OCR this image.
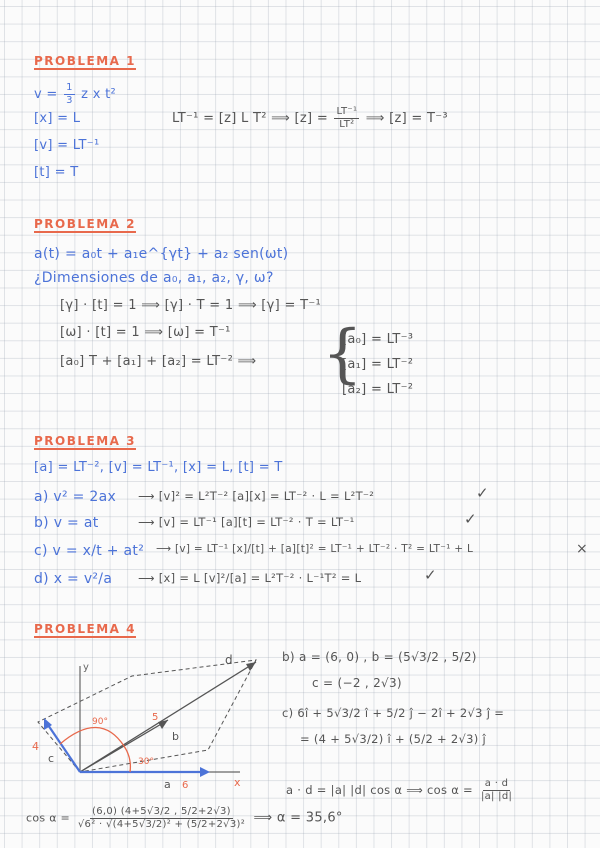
PROBLEMA 1
$v = \frac{1}{3}$ z x t²
[x] = L
[v] = LT⁻¹
[t] = T
LT⁻¹ = [z] L T² ⟹ $[z] = \frac{\text{LT⁻¹}}{\text{LT²}}$ ⟹ [z] = T⁻³
PROBLEMA 2
a(t) = a₀t + a₁e^{γt} + a₂ sen(ωt)
¿Dimensiones de a₀, a₁, a₂, γ, ω?
[γ] · [t] = 1 ⟹ [γ] · T = 1 ⟹ [γ] = T⁻¹
[ω] · [t] = 1 ⟹ [ω] = T⁻¹
[a₀] T + [a₁] + [a₂] = LT⁻² ⟹ {
[a₀] = LT⁻³
[a₁] = LT⁻²
[a₂] = LT⁻²
PROBLEMA 3
[a] = LT⁻², [v] = LT⁻¹, [x] = L, [t] = T
a) v² = 2ax ⟶ [v]² = L²T⁻² [a][x] = LT⁻² · L = L²T⁻²	✓
b) v = at	⟶ [v] = LT⁻¹ [a][t] = LT⁻² · T = LT⁻¹	✓
c) v = x/t + at² ⟶ [v] = LT⁻¹ [x]/[t] + [a][t]² = LT⁻¹ + LT⁻² · T² = LT⁻¹ + L	×
d) x = v²/a ⟶ [x] = L [v]²/[a] = L²T⁻² · L⁻¹T² = L	✓
PROBLEMA 4
y
x
d
b
5
c
4
a 6
90°
30°
b) a = (6, 0) , b = (5√3/2 , 5/2)
c = (−2 , 2√3)
c) 6î + 5√3/2 î + 5/2 ĵ − 2î + 2√3 ĵ =
= (4 + 5√3/2) î + (5/2 + 2√3) ĵ
a · d = |a| |d| cos α ⟹ $\cos \alpha = \frac{a \cdot d}{|a| |d|}$
$\cos \alpha = \frac{(6,0) (4+5√3/2 , 5/2+2√3)}{\text{√6² · √(4+5√3/2)² + (5/2+2√3)²}}$ ⟹ α = 35,6°
